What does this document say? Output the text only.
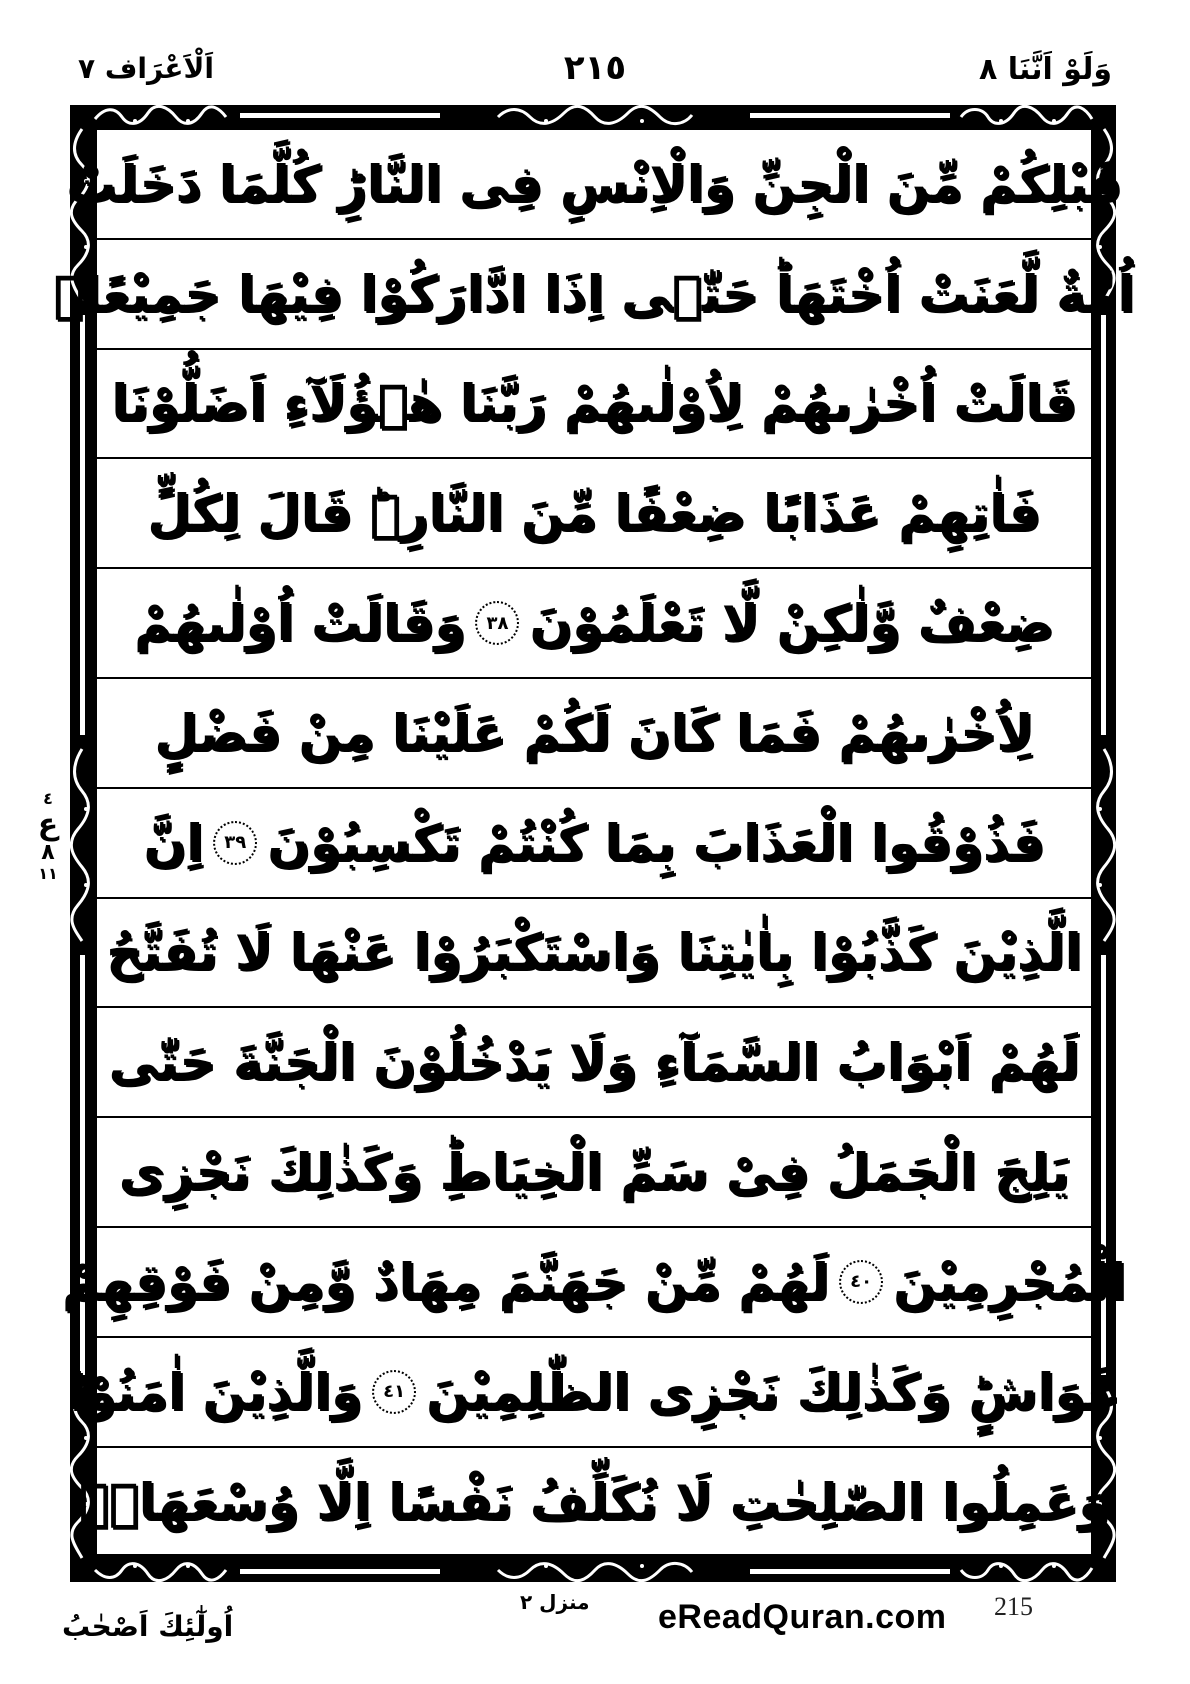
وَلَوْ اَنَّنَا ٨
٢١٥
اَلْاَعْرَاف ٧
قَبْلِكُمْ مِّنَ الْجِنِّ وَالْاِنْسِ فِی النَّارِؕ كُلَّمَا دَخَلَتْ
اُمَّةٌ لَّعَنَتْ اُخْتَهَاؕ حَتّٰۤی اِذَا ادَّارَكُوْا فِیْهَا جَمِیْعًاۙ
قَالَتْ اُخْرٰىهُمْ لِاُوْلٰىهُمْ رَبَّنَا هٰۤؤُلَآءِ اَضَلُّوْنَا
فَاٰتِهِمْ عَذَابًا ضِعْفًا مِّنَ النَّارِ۬ؕ قَالَ لِكُلٍّ
ضِعْفٌ وَّلٰكِنْ لَّا تَعْلَمُوْنَ
٣٨
وَقَالَتْ اُوْلٰىهُمْ
لِاُخْرٰىهُمْ فَمَا كَانَ لَكُمْ عَلَیْنَا مِنْ فَضْلٍ
فَذُوْقُوا الْعَذَابَ بِمَا كُنْتُمْ تَكْسِبُوْنَ
٣٩
اِنَّ
الَّذِیْنَ كَذَّبُوْا بِاٰیٰتِنَا وَاسْتَكْبَرُوْا عَنْهَا لَا تُفَتَّحُ
لَهُمْ اَبْوَابُ السَّمَآءِ وَلَا یَدْخُلُوْنَ الْجَنَّةَ حَتّٰی
یَلِجَ الْجَمَلُ فِیْ سَمِّ الْخِیَاطِؕ وَكَذٰلِكَ نَجْزِی
الْمُجْرِمِیْنَ
٤٠
لَهُمْ مِّنْ جَهَنَّمَ مِهَادٌ وَّمِنْ فَوْقِهِمْ
غَوَاشٍؕ وَكَذٰلِكَ نَجْزِی الظّٰلِمِیْنَ
٤١
وَالَّذِیْنَ اٰمَنُوْا
وَعَمِلُوا الصّٰلِحٰتِ لَا نُكَلِّفُ نَفْسًا اِلَّا وُسْعَهَاۤ٘
٤
ع
٨
١١
اُولٰٓئِكَ اَصْحٰبُ
منزل ٢ eReadQuran.com 215
